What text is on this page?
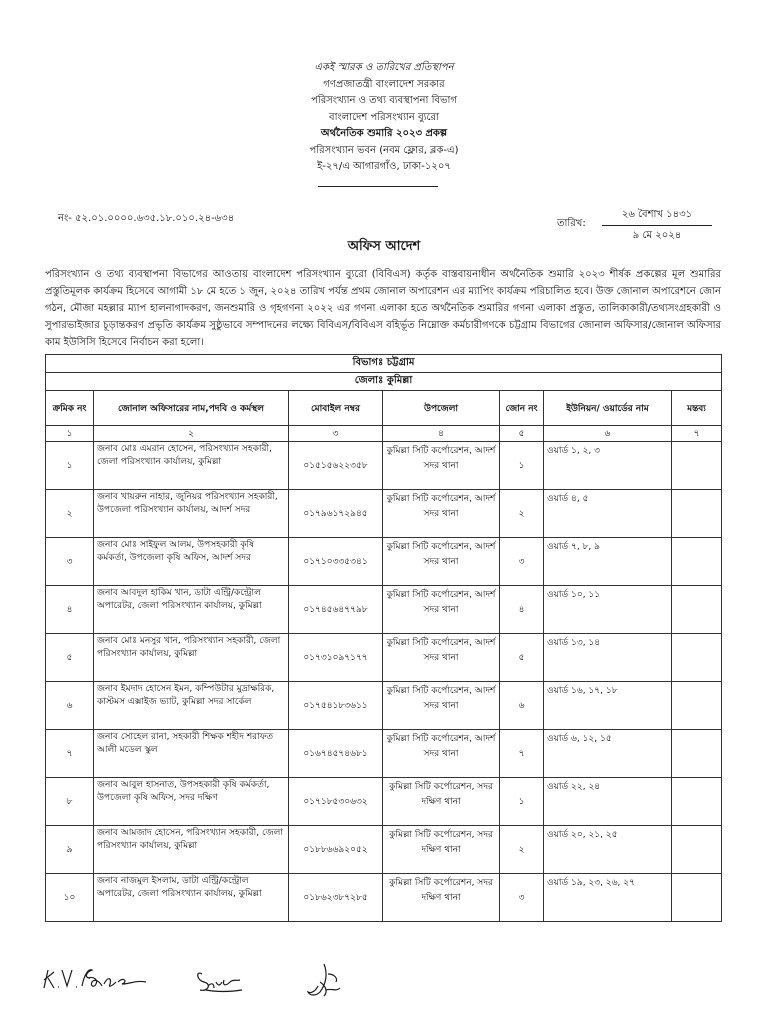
একই স্মারক ও তারিখের প্রতিস্থাপন
গণপ্রজাতন্ত্রী বাংলাদেশ সরকার
পরিসংখ্যান ও তথ্য ব্যবস্থাপনা বিভাগ
বাংলাদেশ পরিসংখ্যান ব্যুরো
অর্থনৈতিক শুমারি ২০২৩ প্রকল্প
পরিসংখ্যান ভবন (নবম ফ্লোর, ব্লক-এ)
ই-২৭/এ আগারগাঁও, ঢাকা-১২০৭
নং- ৫২.০১.০০০০.৬৩৫.১৮.০১০.২৪-৬৩৪	তারিখ:
২৬ বৈশাখ ১৪৩১
৯ মে ২০২৪
অফিস আদেশ
পরিসংখ্যান ও তথ্য ব্যবস্থাপনা বিভাগের আওতায় বাংলাদেশ পরিসংখ্যান ব্যুরো (বিবিএস) কর্তৃক বাস্তবায়নাধীন অর্থনৈতিক শুমারি ২০২৩ শীর্ষক প্রকল্পের মূল শুমারির প্রস্তুতিমূলক কার্যক্রম হিসেবে আগামী ১৮ মে হতে ১ জুন, ২০২৪ তারিখ পর্যন্ত প্রথম জোনাল অপারেশন এর ম্যাপিং কার্যক্রম পরিচালিত হবে। উক্ত জোনাল অপারেশনে জোন গঠন, মৌজা মহল্লার ম্যাপ হালনাগাদকরণ, জনশুমারি ও গৃহগণনা ২০২২ এর গণনা এলাকা হতে অর্থনৈতিক শুমারির গণনা এলাকা প্রস্তুত, তালিকাকারী/তথ্যসংগ্রহকারী ও সুপারভাইজার চূড়ান্তকরণ প্রভৃতি কার্যক্রম সুষ্ঠুভাবে সম্পাদনের লক্ষ্যে বিবিএস/বিবিএস বহির্ভূত নিম্নোক্ত কর্মচারীগণকে চট্টগ্রাম বিভাগের জোনাল অফিসার/জোনাল অফিসার কাম ইউসিসি হিসেবে নির্বাচন করা হলো।
বিভাগঃ চট্টগ্রাম						
জেলাঃ কুমিল্লা						
ক্রমিক নং	জোনাল অফিসারের নাম,পদবি ও কর্মস্থল	মোবাইল নম্বর	উপজেলা	জোন নং	ইউনিয়ন/ ওয়ার্ডের নাম	মন্তব্য
১	২	৩	৪	৫	৬	৭
১	জনাব মোঃ এমরান হোসেন, পরিসংখ্যান সহকারী, জেলা পরিসংখ্যান কার্যালয়, কুমিল্লা	০১৫১৫৬২২৩৫৮	কুমিল্লা সিটি কর্পোরেশন, আদর্শ সদর থানা	১	ওয়ার্ড ১, ২, ৩	
২	জনাব খায়রুন নাহার, জুনিয়র পরিসংখ্যান সহকারী, উপজেলা পরিসংখ্যান কার্যালয়, আদর্শ সদর	০১৭৯৬১৭২৯৪৫	কুমিল্লা সিটি কর্পোরেশন, আদর্শ সদর থানা	২	ওয়ার্ড ৪, ৫	
৩	জনাব মোঃ সাইফুল আলম, উপসহকারী কৃষি কর্মকর্তা, উপজেলা কৃষি অফিস, আদর্শ সদর	০১৭১০৩৩৫৩৪১	কুমিল্লা সিটি কর্পোরেশন, আদর্শ সদর থানা	৩	ওয়ার্ড ৭, ৮, ৯	
৪	জনাব আবদুল হাকিম খান, ডাটা এন্ট্রি/কন্ট্রোল অপারেটর, জেলা পরিসংখ্যান কার্যালয়, কুমিল্লা	০১৭৪৫৬৪৭৭৯৮	কুমিল্লা সিটি কর্পোরেশন, আদর্শ সদর থানা	৪	ওয়ার্ড ১০, ১১	
৫	জনাব মোঃ মনসুর খান, পরিসংখ্যান সহকারী, জেলা পরিসংখ্যান কার্যালয়, কুমিল্লা	০১৭৩১০৯৭১৭৭	কুমিল্লা সিটি কর্পোরেশন, আদর্শ সদর থানা	৫	ওয়ার্ড ১৩, ১৪	
৬	জনাব ইমদাদ হোসেন ইমন, কম্পিউটার মুদ্রাক্ষরিক, কাস্টমস এক্সাইজ ভ্যাট, কুমিল্লা সদর সার্কেল	০১৭৫৪১৮৩৬১১	কুমিল্লা সিটি কর্পোরেশন, আদর্শ সদর থানা	৬	ওয়ার্ড ১৬, ১৭, ১৮	
৭	জনাব সোহেল রানা, সহকারী শিক্ষক শহীদ শরাফত আলী মডেল স্কুল	০১৬৭৪৫৭৪৬৮১	কুমিল্লা সিটি কর্পোরেশন, আদর্শ সদর থানা	৭	ওয়ার্ড ৬, ১২, ১৫	
৮	জনাব আবুল হাসনাত, উপসহকারী কৃষি কর্মকর্তা, উপজেলা কৃষি অফিস, সদর দক্ষিণ	০১৭১৮৫৩০৬৩২	কুমিল্লা সিটি কর্পোরেশন, সদর দক্ষিণ থানা	১	ওয়ার্ড ২২, ২৪	
৯	জনাব আমজাদ হোসেন, পরিসংখ্যান সহকারী, জেলা পরিসংখ্যান কার্যালয়, কুমিল্লা	০১৮৮৬৬৯২০৫২	কুমিল্লা সিটি কর্পোরেশন, সদর দক্ষিণ থানা	২	ওয়ার্ড ২০, ২১, ২৫	
১০	জনাব নাজমুল ইসলাম, ডাটা এন্ট্রি/কন্ট্রোল অপারেটর, জেলা পরিসংখ্যান কার্যালয়, কুমিল্লা	০১৮৬২৩৮৭২৮৫	কুমিল্লা সিটি কর্পোরেশন, সদর দক্ষিণ থানা	৩	ওয়ার্ড ১৯, ২৩, ২৬, ২৭	
